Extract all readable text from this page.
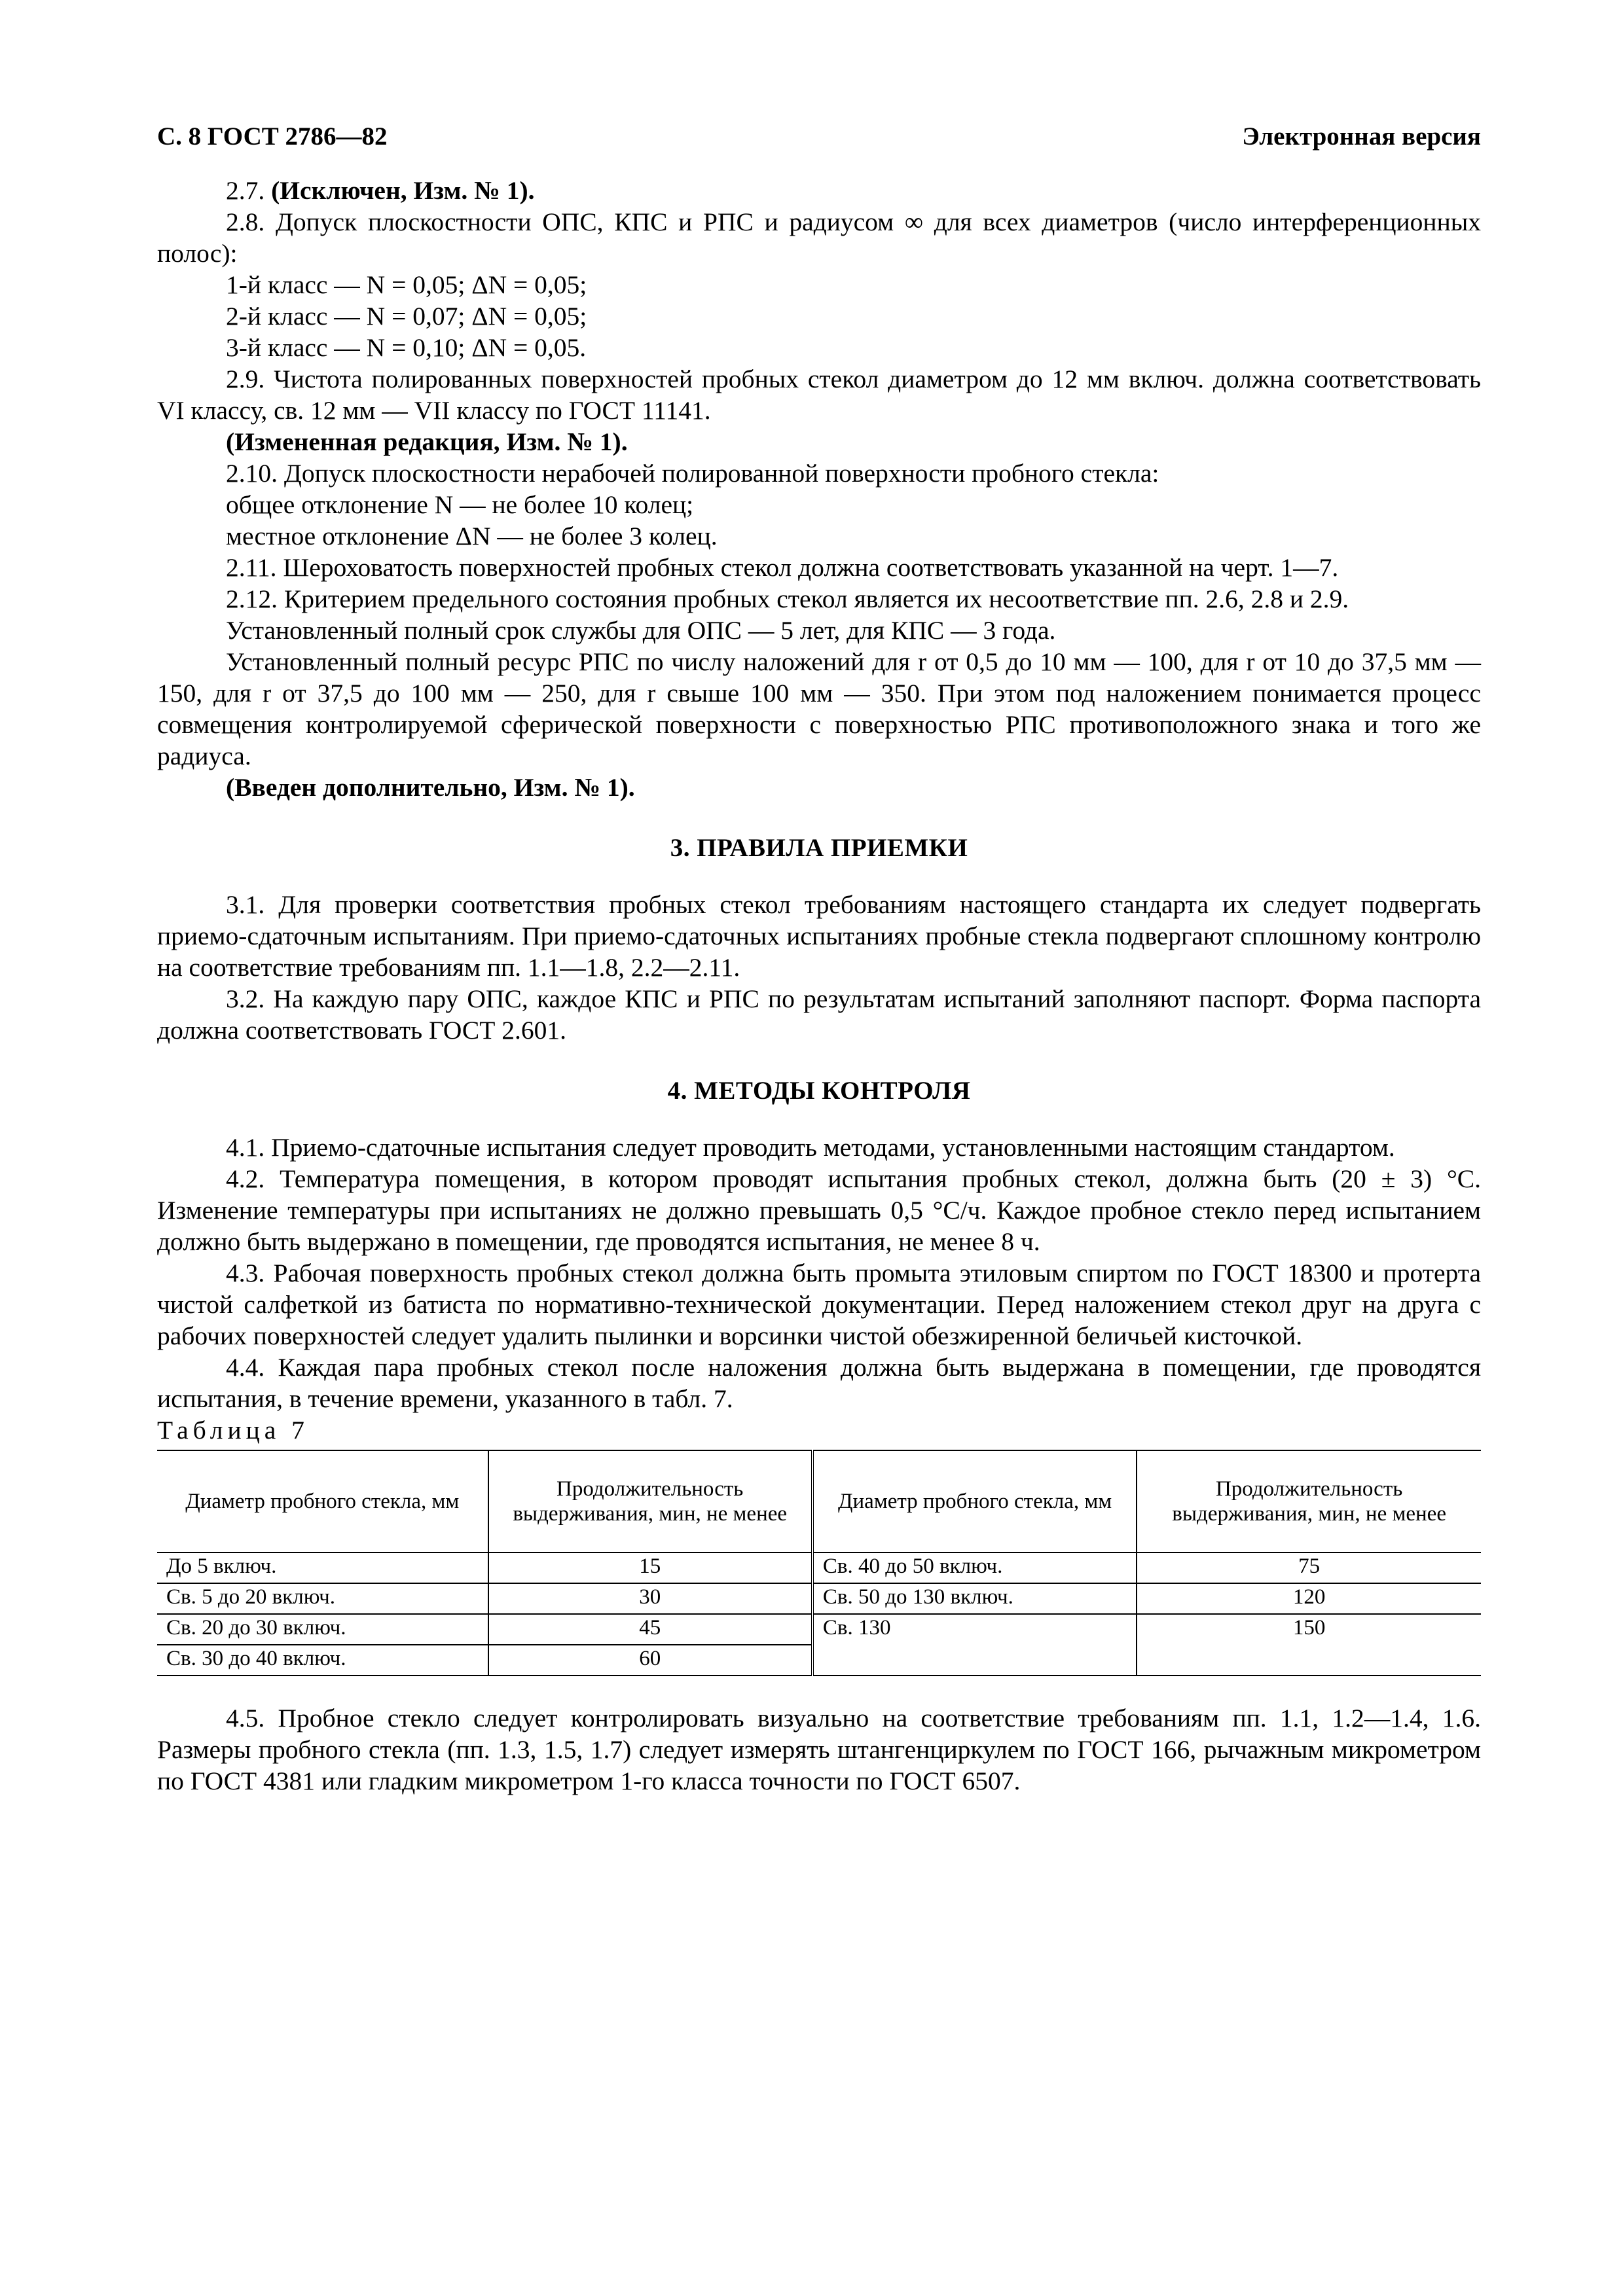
С. 8 ГОСТ 2786—82	Электронная версия

2.7. (Исключен, Изм. № 1).

2.8. Допуск плоскостности ОПС, КПС и РПС и радиусом ∞ для всех диаметров (число интерференционных полос):

1-й класс — N = 0,05; ΔN = 0,05;

2-й класс — N = 0,07; ΔN = 0,05;

3-й класс — N = 0,10; ΔN = 0,05.

2.9. Чистота полированных поверхностей пробных стекол диаметром до 12 мм включ. должна соответствовать VI классу, св. 12 мм — VII классу по ГОСТ 11141.

(Измененная редакция, Изм. № 1).

2.10. Допуск плоскостности нерабочей полированной поверхности пробного стекла:

общее отклонение N — не более 10 колец;

местное отклонение ΔN — не более 3 колец.

2.11. Шероховатость поверхностей пробных стекол должна соответствовать указанной на черт. 1—7.

2.12. Критерием предельного состояния пробных стекол является их несоответствие пп. 2.6, 2.8 и 2.9.

Установленный полный срок службы для ОПС — 5 лет, для КПС — 3 года.

Установленный полный ресурс РПС по числу наложений для r от 0,5 до 10 мм — 100, для r от 10 до 37,5 мм — 150, для r от 37,5 до 100 мм — 250, для r свыше 100 мм — 350. При этом под наложением понимается процесс совмещения контролируемой сферической поверхности с поверхностью РПС противоположного знака и того же радиуса.

(Введен дополнительно, Изм. № 1).

3. ПРАВИЛА ПРИЕМКИ

3.1. Для проверки соответствия пробных стекол требованиям настоящего стандарта их следует подвергать приемо-сдаточным испытаниям. При приемо-сдаточных испытаниях пробные стекла подвергают сплошному контролю на соответствие требованиям пп. 1.1—1.8, 2.2—2.11.

3.2. На каждую пару ОПС, каждое КПС и РПС по результатам испытаний заполняют паспорт. Форма паспорта должна соответствовать ГОСТ 2.601.

4. МЕТОДЫ КОНТРОЛЯ

4.1. Приемо-сдаточные испытания следует проводить методами, установленными настоящим стандартом.

4.2. Температура помещения, в котором проводят испытания пробных стекол, должна быть (20 ± 3) °С. Изменение температуры при испытаниях не должно превышать 0,5 °С/ч. Каждое пробное стекло перед испытанием должно быть выдержано в помещении, где проводятся испытания, не менее 8 ч.

4.3. Рабочая поверхность пробных стекол должна быть промыта этиловым спиртом по ГОСТ 18300 и протерта чистой салфеткой из батиста по нормативно-технической документации. Перед наложением стекол друг на друга с рабочих поверхностей следует удалить пылинки и ворсинки чистой обезжиренной беличьей кисточкой.

4.4. Каждая пара пробных стекол после наложения должна быть выдержана в помещении, где проводятся испытания, в течение времени, указанного в табл. 7.

Таблица 7

Диаметр пробного стекла, мм	Продолжительность выдерживания, мин, не менее	Диаметр пробного стекла, мм	Продолжительность выдерживания, мин, не менее
До 5 включ.	15	Св. 40 до 50 включ.	75
Св. 5 до 20 включ.	30	Св. 50 до 130 включ.	120
Св. 20 до 30 включ.	45	Св. 130	150
Св. 30 до 40 включ.	60		

4.5. Пробное стекло следует контролировать визуально на соответствие требованиям пп. 1.1, 1.2—1.4, 1.6. Размеры пробного стекла (пп. 1.3, 1.5, 1.7) следует измерять штангенциркулем по ГОСТ 166, рычажным микрометром по ГОСТ 4381 или гладким микрометром 1-го класса точности по ГОСТ 6507.
